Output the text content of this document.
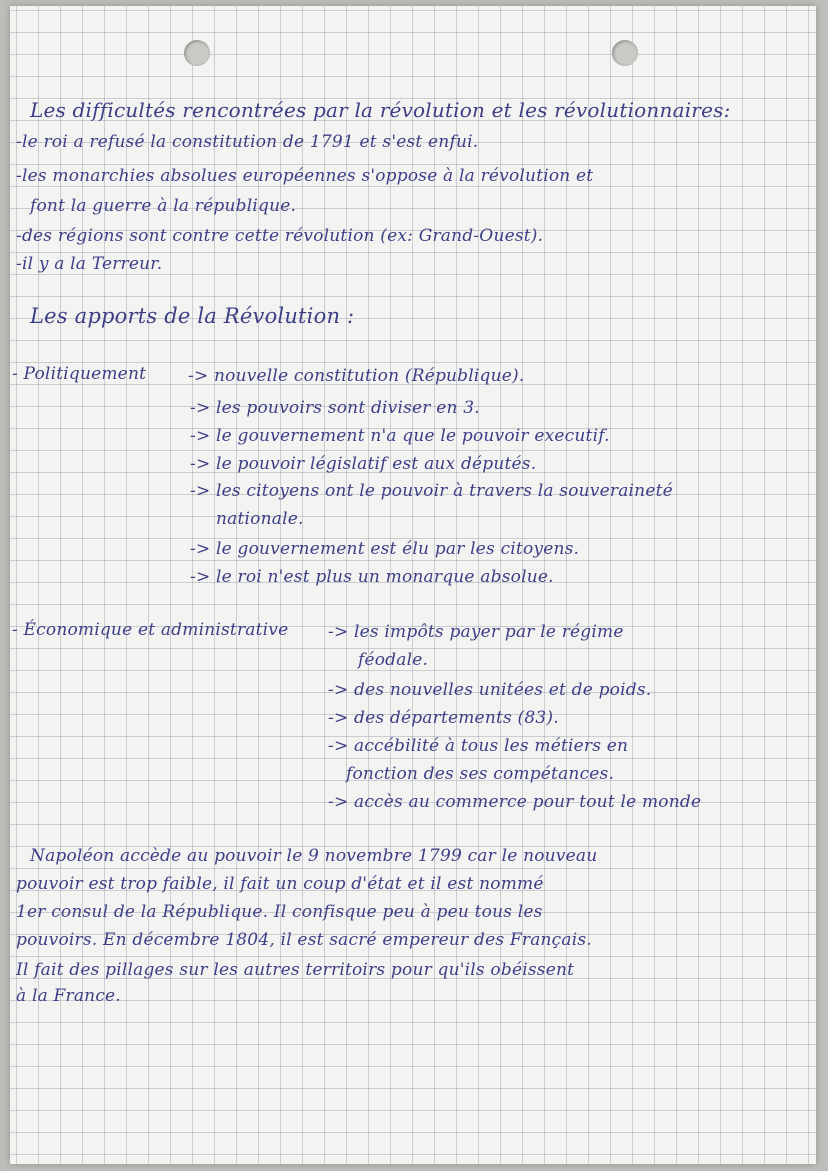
Les difficultés rencontrées par la révolution et les révolutionnaires:

-le roi a refusé la constitution de 1791 et s'est enfui.

-les monarchies absolues européennes s'oppose à la révolution et

font la guerre à la république.

-des régions sont contre cette révolution (ex: Grand-Ouest).

-il y a la Terreur.

Les apports de la Révolution :

- Politiquement -> nouvelle constitution (République).

-> les pouvoirs sont diviser en 3.

-> le gouvernement n'a que le pouvoir executif.

-> le pouvoir législatif est aux députés.

-> les citoyens ont le pouvoir à travers la souveraineté

nationale.

-> le gouvernement est élu par les citoyens.

-> le roi n'est plus un monarque absolue.

- Économique et administrative -> les impôts payer par le régime

féodale.

-> des nouvelles unitées et de poids.

-> des départements (83).

-> accébilité à tous les métiers en

fonction des ses compétances.

-> accès au commerce pour tout le monde

Napoléon accède au pouvoir le 9 novembre 1799 car le nouveau

pouvoir est trop faible, il fait un coup d'état et il est nommé

1er consul de la République. Il confisque peu à peu tous les

pouvoirs. En décembre 1804, il est sacré empereur des Français.

Il fait des pillages sur les autres territoirs pour qu'ils obéissent

à la France.
